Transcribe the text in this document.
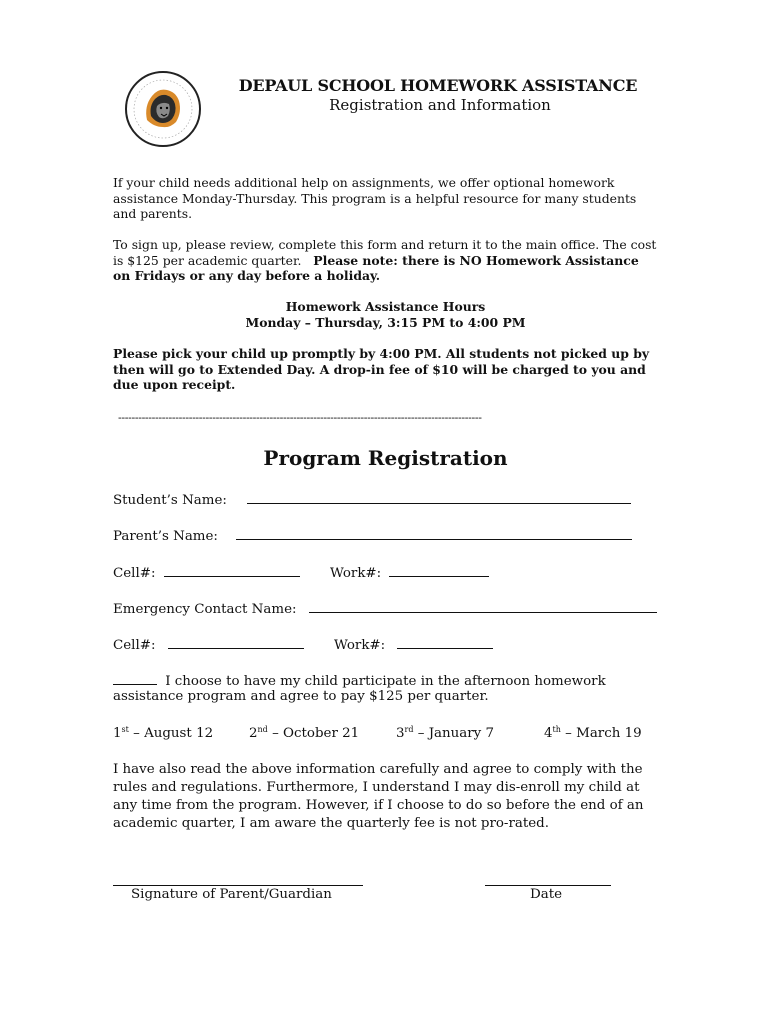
DEPAUL SCHOOL HOMEWORK ASSISTANCE
Registration and Information
If your child needs additional help on assignments, we offer optional homework assistance Monday-Thursday. This program is a helpful resource for many students and parents.
To sign up, please review, complete this form and return it to the main office. The cost is $125 per academic quarter. Please note: there is NO Homework Assistance on Fridays or any day before a holiday.
Homework Assistance Hours
Monday – Thursday, 3:15 PM to 4:00 PM
Please pick your child up promptly by 4:00 PM. All students not picked up by then will go to Extended Day. A drop-in fee of $10 will be charged to you and due upon receipt.
------------------------------------------------------------------------------------------------------------
Program Registration
Student’s Name:
Parent’s Name:
Cell#:	Work#:
Emergency Contact Name:
Cell#:	Work#:
I choose to have my child participate in the afternoon homework
assistance program and agree to pay $125 per quarter.
1st – August 12	2nd – October 21	3rd – January 7	4th – March 19
I have also read the above information carefully and agree to comply with the rules and regulations. Furthermore, I understand I may dis-enroll my child at any time from the program. However, if I choose to do so before the end of an academic quarter, I am aware the quarterly fee is not pro-rated.
Signature of Parent/Guardian	Date
